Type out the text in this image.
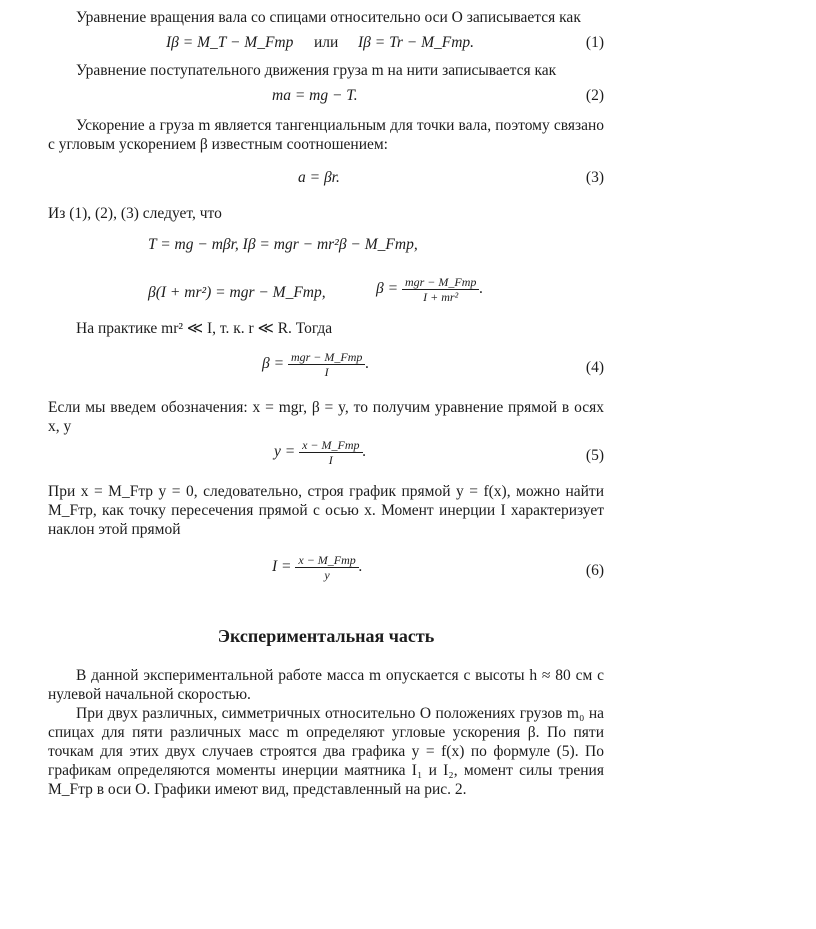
Уравнение вращения вала со спицами относительно оси O записывается как

Iβ = M_T − M_Fтр или Iβ = Tr − M_Fтр.	(1)

Уравнение поступательного движения груза m на нити записывается как

ma = mg − T.	(2)

Ускорение a груза m является тангенциальным для точки вала, поэтому связано с угловым ускорением β известным соотношением:

a = βr.	(3)

Из (1), (2), (3) следует, что

T = mg − mβr, Iβ = mgr − mr²β − M_Fтр,
β(I + mr²) = mgr − M_Fтр,	$\beta = \frac{\text{mgr − M\_Fтр}}{\text{I + mr²}}$ .

На практике mr² ≪ I, т. к. r ≪ R. Тогда

$\beta = \frac{\text{mgr − M\_Fтр}}{I}$ .	(4)

Если мы введем обозначения: x = mgr, β = y, то получим уравнение прямой в осях x, y

$y = \frac{\text{x − M\_Fтр}}{I}$ .	(5)

При x = M_Fтр y = 0, следовательно, строя график прямой y = f(x), можно найти M_Fтр, как точку пересечения прямой с осью x. Момент инерции I характеризует наклон этой прямой

$I = \frac{\text{x − M\_Fтр}}{y}$ .	(6)
Экспериментальная часть

В данной экспериментальной работе масса m опускается с высоты h ≈ 80 см с нулевой начальной скоростью.

При двух различных, симметричных относительно O положениях грузов m₀ на спицах для пяти различных масс m определяют угловые ускорения β. По пяти точкам для этих двух случаев строятся два графика y = f(x) по формуле (5). По графикам определяются моменты инерции маятника I₁ и I₂, момент силы трения M_Fтр в оси O. Графики имеют вид, представленный на рис. 2.
